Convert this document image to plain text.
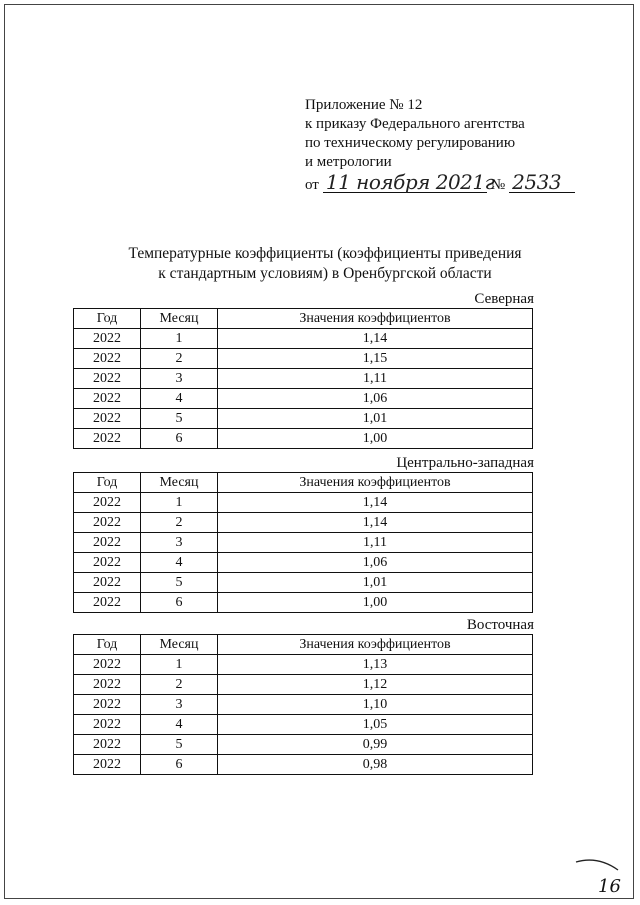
Приложение № 12
к приказу Федерального агентства
по техническому регулированию
и метрологии
от 11 ноября 2021г
№ 2533
Температурные коэффициенты (коэффициенты приведения
к стандартным условиям) в Оренбургской области
Северная
Год	Месяц	Значения коэффициентов
2022	1	1,14
2022	2	1,15
2022	3	1,11
2022	4	1,06
2022	5	1,01
2022	6	1,00
Центрально-западная
Год	Месяц	Значения коэффициентов
2022	1	1,14
2022	2	1,14
2022	3	1,11
2022	4	1,06
2022	5	1,01
2022	6	1,00
Восточная
Год	Месяц	Значения коэффициентов
2022	1	1,13
2022	2	1,12
2022	3	1,10
2022	4	1,05
2022	5	0,99
2022	6	0,98
16
